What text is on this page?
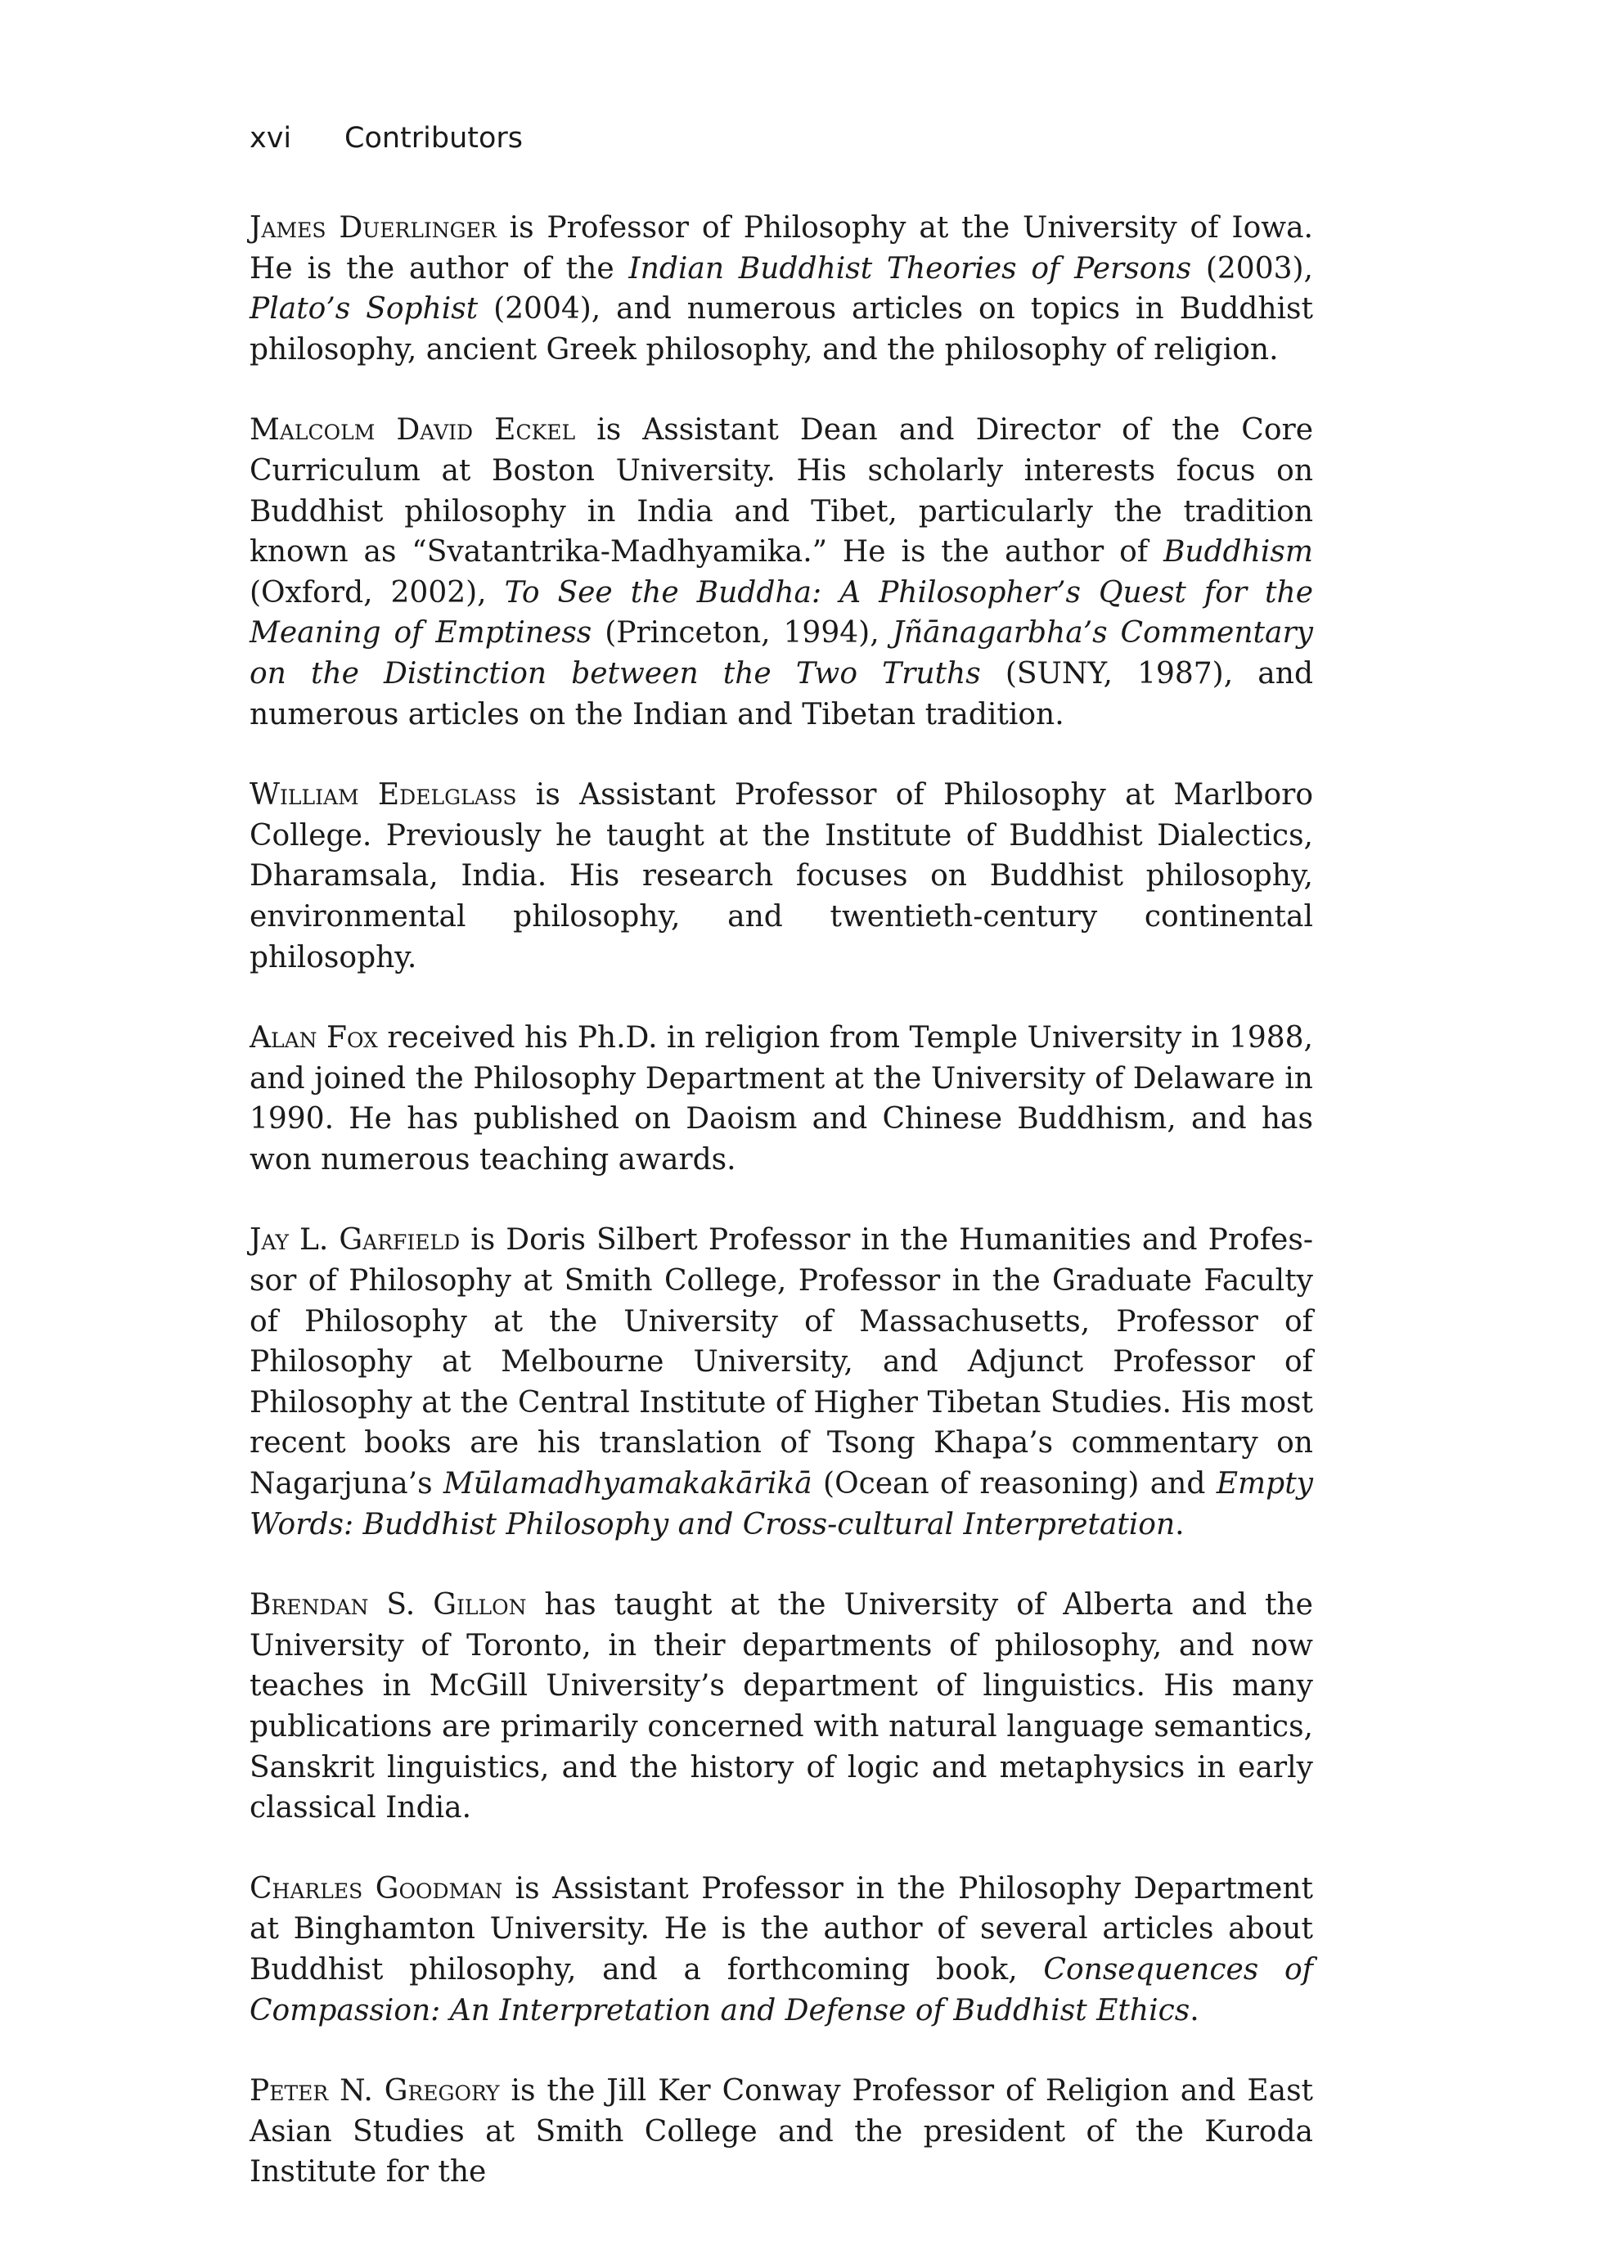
xvi Contributors

James Duerlinger is Professor of Philosophy at the University of Iowa. He is the author of the Indian Buddhist Theories of Persons (2003), Plato’s Sophist (2004), and numerous articles on topics in Buddhist philosophy, ancient Greek philosophy, and the philosophy of religion.

Malcolm David Eckel is Assistant Dean and Director of the Core Curriculum at Boston University. His scholarly interests focus on Buddhist philosophy in India and Tibet, particularly the tradition known as “Svatantrika-Madhyamika.” He is the author of Buddhism (Oxford, 2002), To See the Buddha: A Philosopher’s Quest for the Meaning of Emptiness (Princeton, 1994), Jñānagarbha’s Commentary on the Distinction between the Two Truths (SUNY, 1987), and numerous articles on the Indian and Tibetan tradition.

William Edelglass is Assistant Professor of Philosophy at Marlboro College. Previously he taught at the Institute of Buddhist Dialectics, Dharamsala, India. His research focuses on Buddhist philosophy, environmental philosophy, and twentieth-century continental philosophy.

Alan Fox received his Ph.D. in religion from Temple University in 1988, and joined the Philosophy Department at the University of Delaware in 1990. He has published on Daoism and Chinese Buddhism, and has won numerous teaching awards.

Jay L. Garfield is Doris Silbert Professor in the Humanities and Professor of Philosophy at Smith College, Professor in the Graduate Faculty of Philosophy at the University of Massachusetts, Professor of Philosophy at Melbourne University, and Adjunct Professor of Philosophy at the Central Institute of Higher Tibetan Studies. His most recent books are his translation of Tsong Khapa’s commentary on Nagarjuna’s Mūlamadhyamakakārikā (Ocean of reasoning) and Empty Words: Buddhist Philosophy and Cross-cultural Interpretation.

Brendan S. Gillon has taught at the University of Alberta and the University of Toronto, in their departments of philosophy, and now teaches in McGill University’s department of linguistics. His many publications are primarily concerned with natural language semantics, Sanskrit linguistics, and the history of logic and metaphysics in early classical India.

Charles Goodman is Assistant Professor in the Philosophy Department at Binghamton University. He is the author of several articles about Buddhist philosophy, and a forthcoming book, Consequences of Compassion: An Interpretation and Defense of Buddhist Ethics.

Peter N. Gregory is the Jill Ker Conway Professor of Religion and East Asian Studies at Smith College and the president of the Kuroda Institute for the
